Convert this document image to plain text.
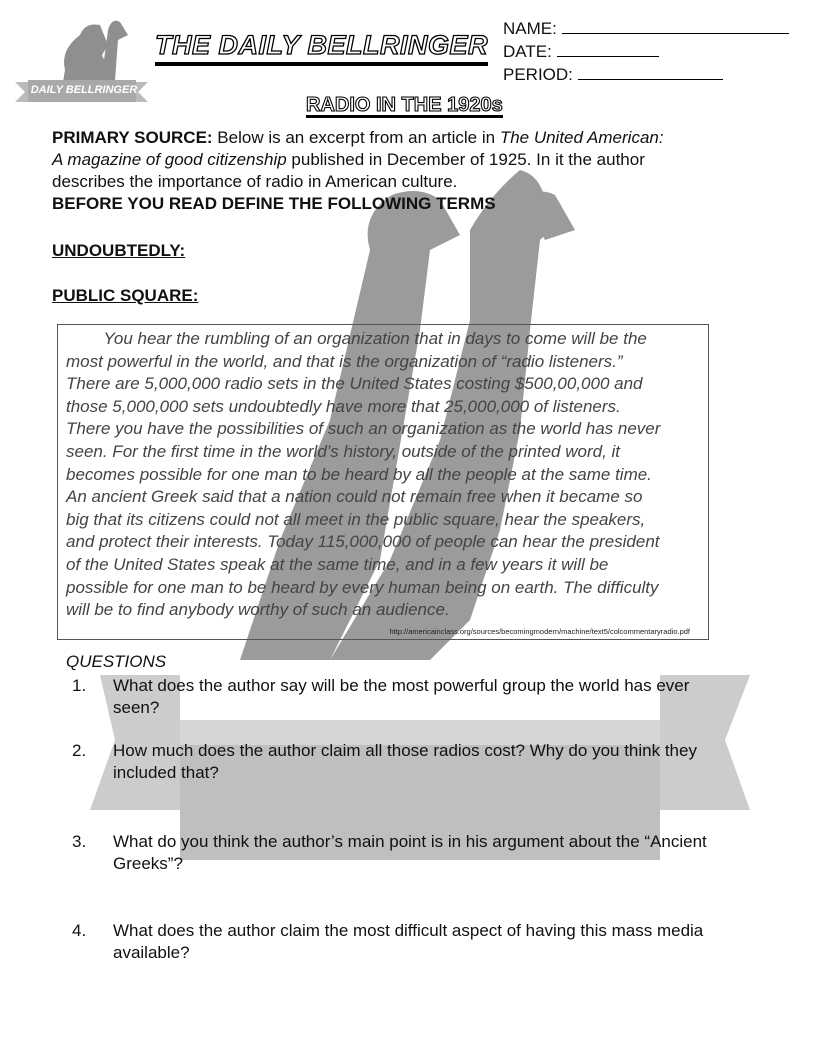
DAILY BELLRINGER
THE DAILY BELLRINGER
NAME:
DATE:
PERIOD:
RADIO IN THE 1920s
PRIMARY SOURCE: Below is an excerpt from an article in The United American: A magazine of good citizenship published in December of 1925. In it the author describes the importance of radio in American culture.
BEFORE YOU READ DEFINE THE FOLLOWING TERMS
UNDOUBTEDLY:
PUBLIC SQUARE:
http://americainclass.org/sources/becomingmodern/machine/text5/colcommentaryradio.pdf
You hear the rumbling of an organization that in days to come will be the
most powerful in the world, and that is the organization of “radio listeners.”
There are 5,000,000 radio sets in the United States costing $500,00,000 and
those 5,000,000 sets undoubtedly have more that 25,000,000 of listeners.
There you have the possibilities of such an organization as the world has never
seen. For the first time in the world’s history, outside of the printed word, it
becomes possible for one man to be heard by all the people at the same time.
An ancient Greek said that a nation could not remain free when it became so
big that its citizens could not all meet in the public square, hear the speakers,
and protect their interests. Today 115,000,000 of people can hear the president
of the United States speak at the same time, and in a few years it will be
possible for one man to be heard by every human being on earth. The difficulty
will be to find anybody worthy of such an audience.
QUESTIONS
1. What does the author say will be the most powerful group the world has ever seen?
2. How much does the author claim all those radios cost? Why do you think they included that?
3. What do you think the author’s main point is in his argument about the “Ancient Greeks”?
4. What does the author claim the most difficult aspect of having this mass media available?
